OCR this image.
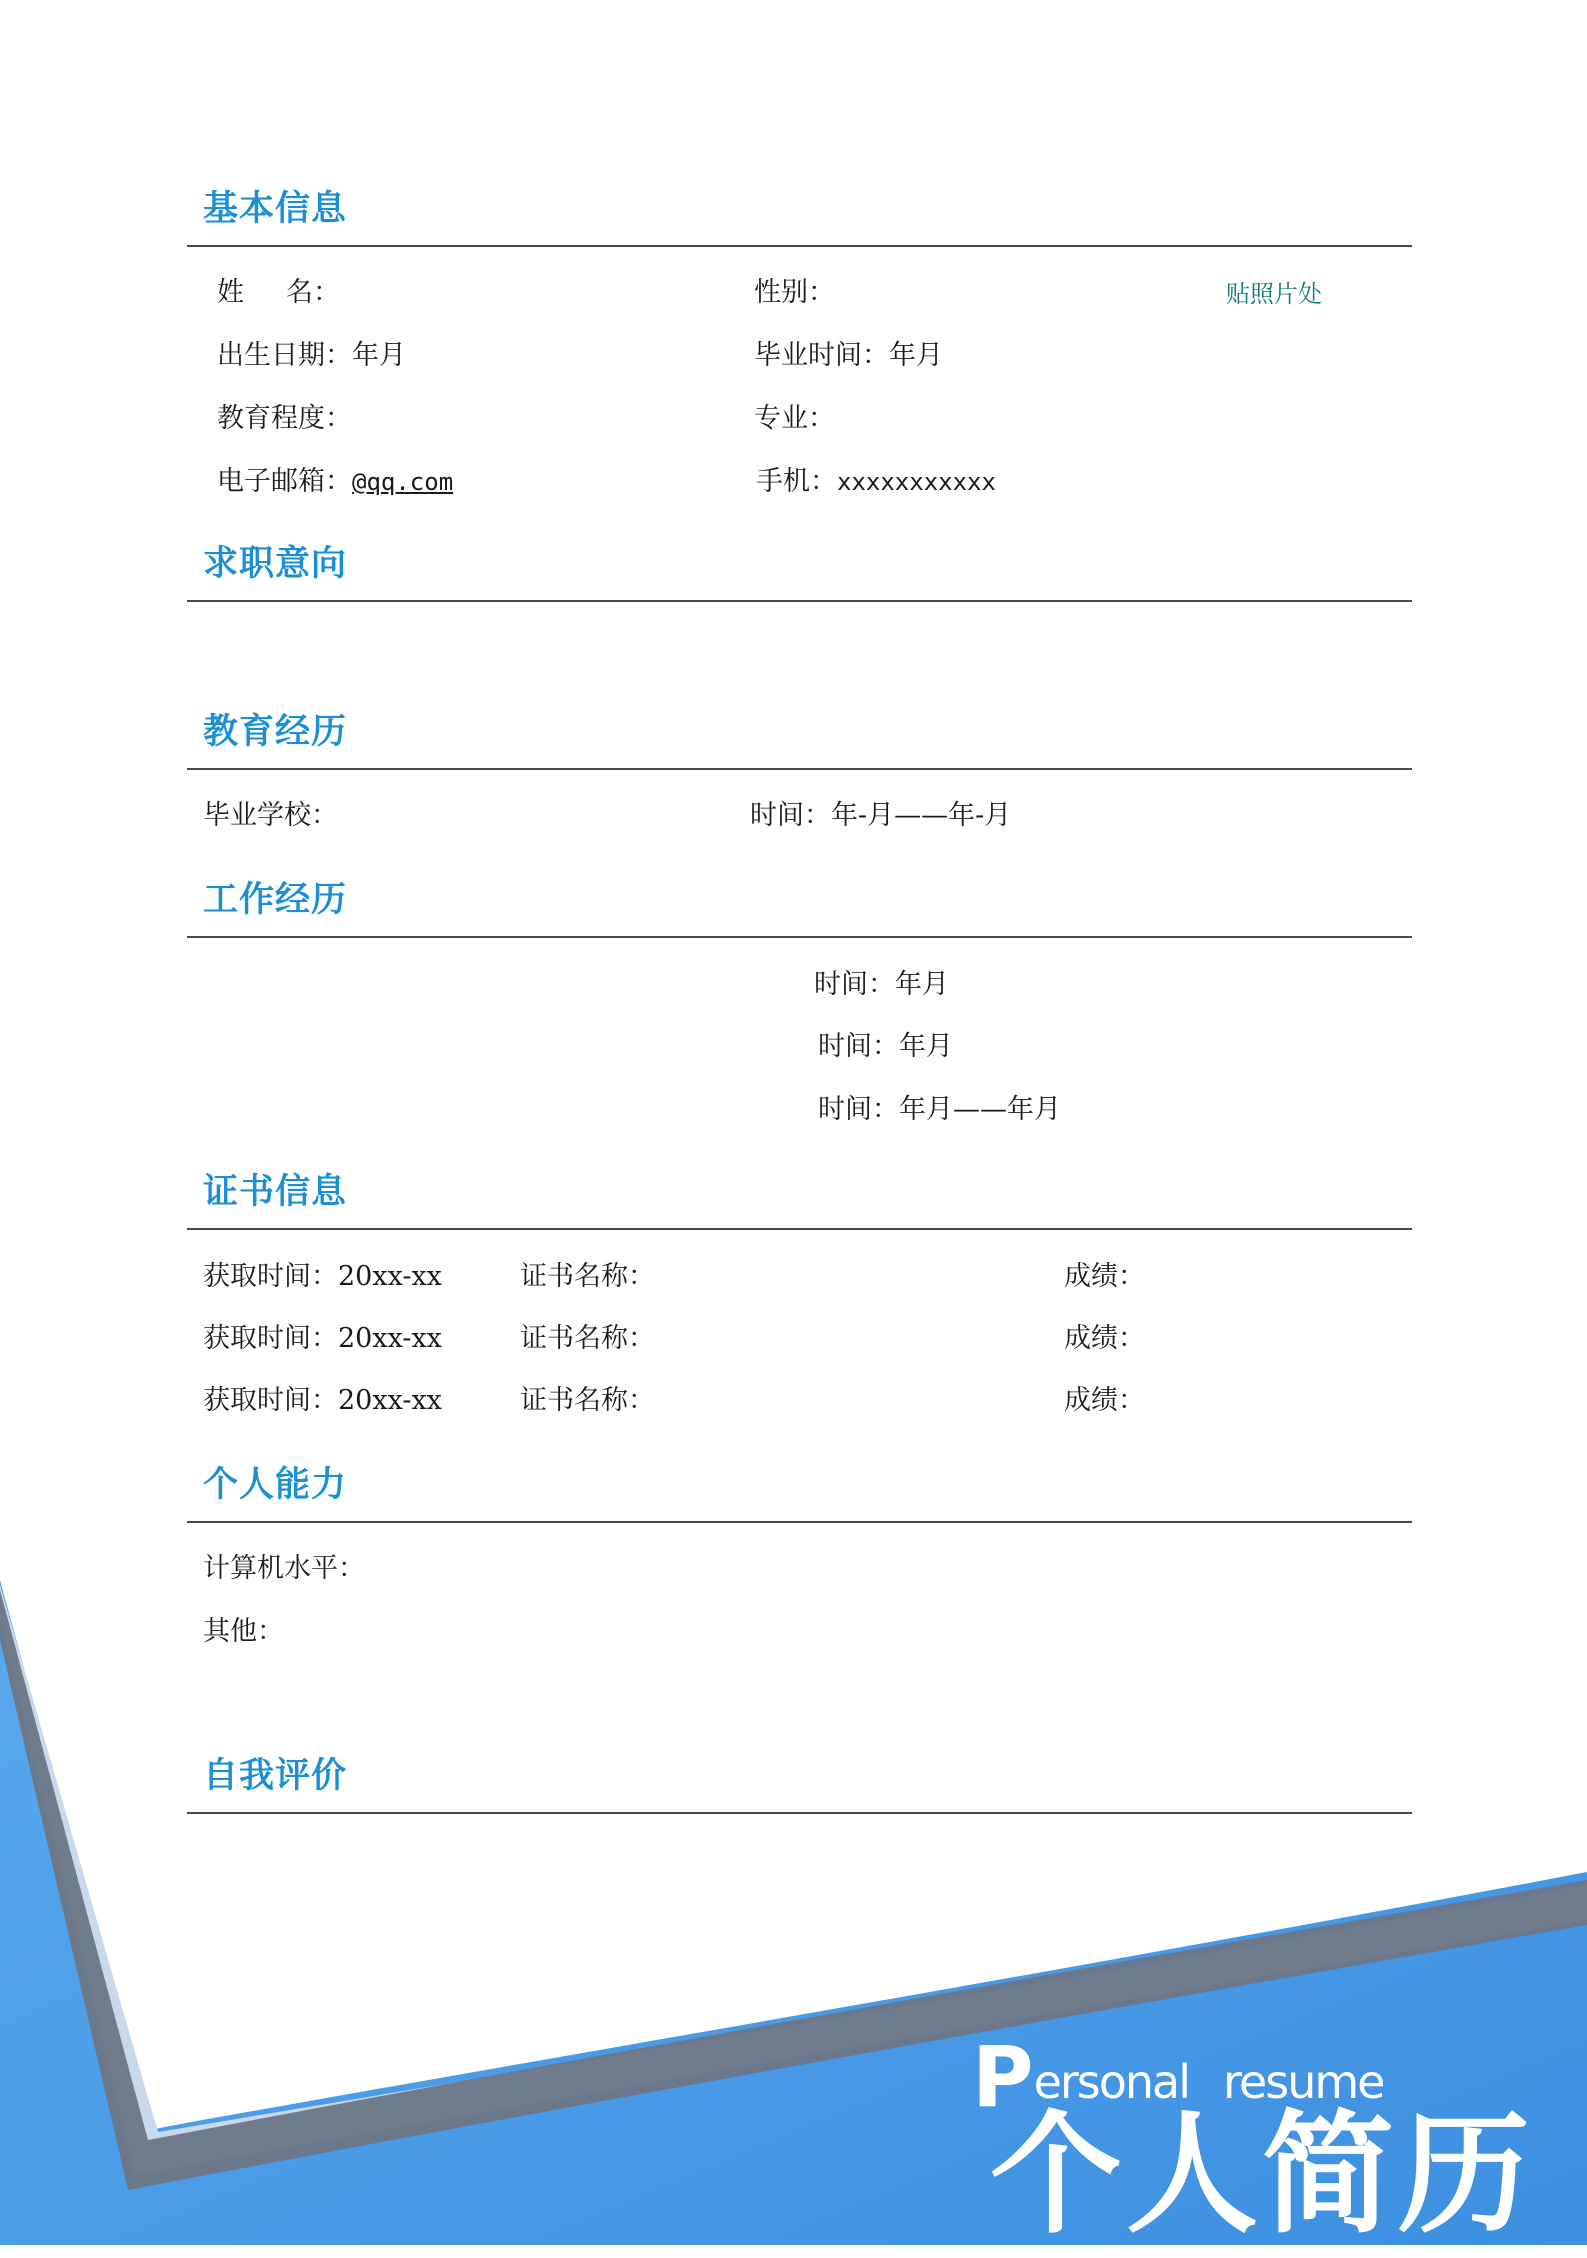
基本信息
姓 名：	性别：	贴照片处
出生日期：年月	毕业时间：年月
教育程度：	专业：
电子邮箱：@qq.com	手机：xxxxxxxxxxx
求职意向
教育经历
毕业学校：	时间：年-月——年-月
工作经历
时间：年月
时间：年月
时间：年月——年月
证书信息
获取时间：20xx-xx	证书名称：	成绩：
获取时间：20xx-xx	证书名称：	成绩：
获取时间：20xx-xx	证书名称：	成绩：
个人能力
计算机水平：
其他：
自我评价
Personal resume
个人简历
